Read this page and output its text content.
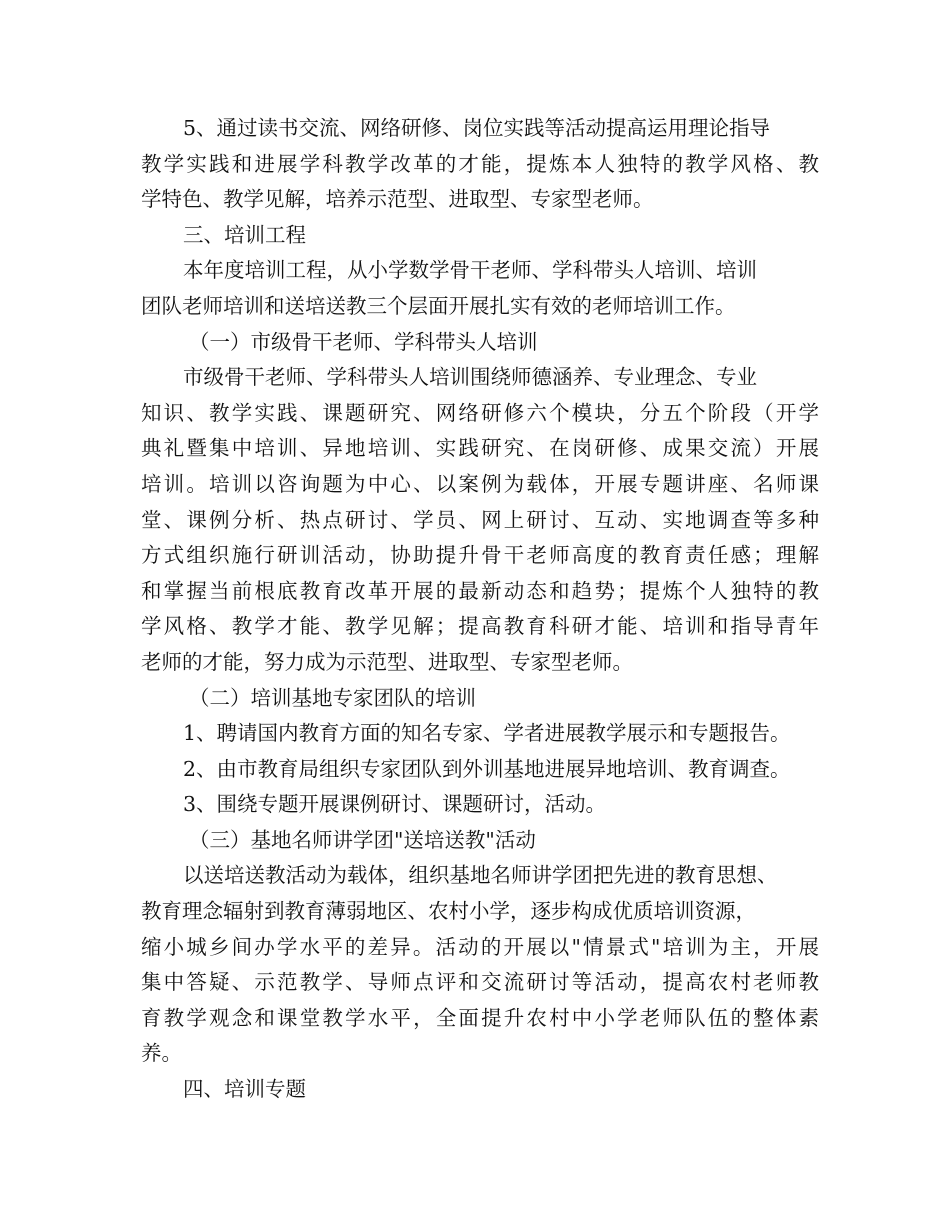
5、通过读书交流、网络研修、岗位实践等活动提高运用理论指导
教学实践和进展学科教学改革的才能，提炼本人独特的教学风格、教
学特色、教学见解，培养示范型、进取型、专家型老师。
三、培训工程
本年度培训工程，从小学数学骨干老师、学科带头人培训、培训
团队老师培训和送培送教三个层面开展扎实有效的老师培训工作。
（一）市级骨干老师、学科带头人培训
市级骨干老师、学科带头人培训围绕师德涵养、专业理念、专业
知识、教学实践、课题研究、网络研修六个模块，分五个阶段（开学
典礼暨集中培训、异地培训、实践研究、在岗研修、成果交流）开展
培训。培训以咨询题为中心、以案例为载体，开展专题讲座、名师课
堂、课例分析、热点研讨、学员、网上研讨、互动、实地调查等多种
方式组织施行研训活动，协助提升骨干老师高度的教育责任感；理解
和掌握当前根底教育改革开展的最新动态和趋势；提炼个人独特的教
学风格、教学才能、教学见解；提高教育科研才能、培训和指导青年
老师的才能，努力成为示范型、进取型、专家型老师。
（二）培训基地专家团队的培训
1、聘请国内教育方面的知名专家、学者进展教学展示和专题报告。
2、由市教育局组织专家团队到外训基地进展异地培训、教育调查。
3、围绕专题开展课例研讨、课题研讨，活动。
（三）基地名师讲学团"送培送教"活动
以送培送教活动为载体，组织基地名师讲学团把先进的教育思想、
教育理念辐射到教育薄弱地区、农村小学，逐步构成优质培训资源，
缩小城乡间办学水平的差异。活动的开展以"情景式"培训为主，开展
集中答疑、示范教学、导师点评和交流研讨等活动，提高农村老师教
育教学观念和课堂教学水平，全面提升农村中小学老师队伍的整体素
养。
四、培训专题
